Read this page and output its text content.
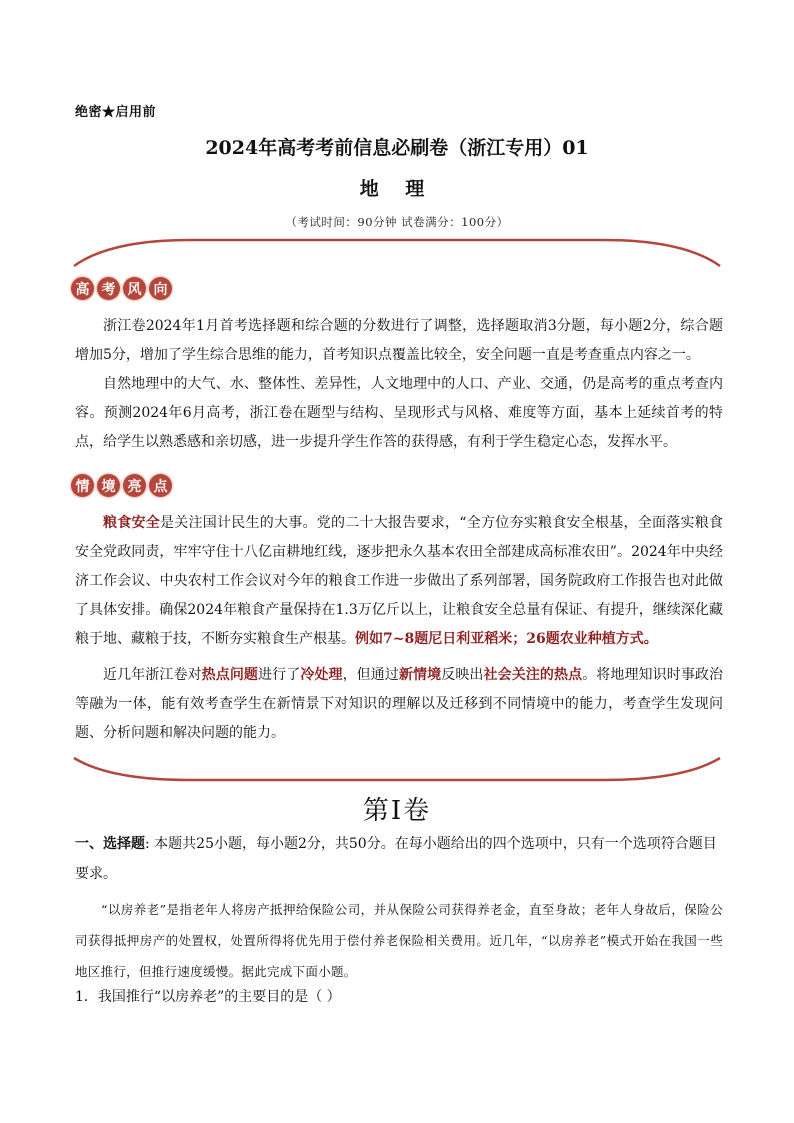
绝密★启用前
2024年高考考前信息必刷卷（浙江专用）01
地 理
（考试时间：90分钟 试卷满分：100分）
高 考 风 向
浙江卷2024年1月首考选择题和综合题的分数进行了调整，选择题取消3分题，每小题2分，综合题增加5分，增加了学生综合思维的能力，首考知识点覆盖比较全，安全问题一直是考查重点内容之一。
自然地理中的大气、水、整体性、差异性，人文地理中的人口、产业、交通，仍是高考的重点考查内容。预测2024年6月高考，浙江卷在题型与结构、呈现形式与风格、难度等方面，基本上延续首考的特点，给学生以熟悉感和亲切感，进一步提升学生作答的获得感，有利于学生稳定心态，发挥水平。
情 境 亮 点
粮食安全是关注国计民生的大事。党的二十大报告要求，“全方位夯实粮食安全根基，全面落实粮食安全党政同责，牢牢守住十八亿亩耕地红线，逐步把永久基本农田全部建成高标准农田”。2024年中央经济工作会议、中央农村工作会议对今年的粮食工作进一步做出了系列部署，国务院政府工作报告也对此做了具体安排。确保2024年粮食产量保持在1.3万亿斤以上，让粮食安全总量有保证、有提升，继续深化藏粮于地、藏粮于技，不断夯实粮食生产根基。例如7~8题尼日利亚稻米；26题农业种植方式。
近几年浙江卷对热点问题进行了冷处理，但通过新情境反映出社会关注的热点。将地理知识时事政治等融为一体，能有效考查学生在新情景下对知识的理解以及迁移到不同情境中的能力，考查学生发现问题、分析问题和解决问题的能力。
第Ⅰ卷
一、选择题: 本题共25小题，每小题2分，共50分。在每小题给出的四个选项中，只有一个选项符合题目要求。
“以房养老”是指老年人将房产抵押给保险公司，并从保险公司获得养老金，直至身故；老年人身故后，保险公司获得抵押房产的处置权，处置所得将优先用于偿付养老保险相关费用。近几年，“以房养老”模式开始在我国一些地区推行，但推行速度缓慢。据此完成下面小题。
1．我国推行“以房养老”的主要目的是（ ）
